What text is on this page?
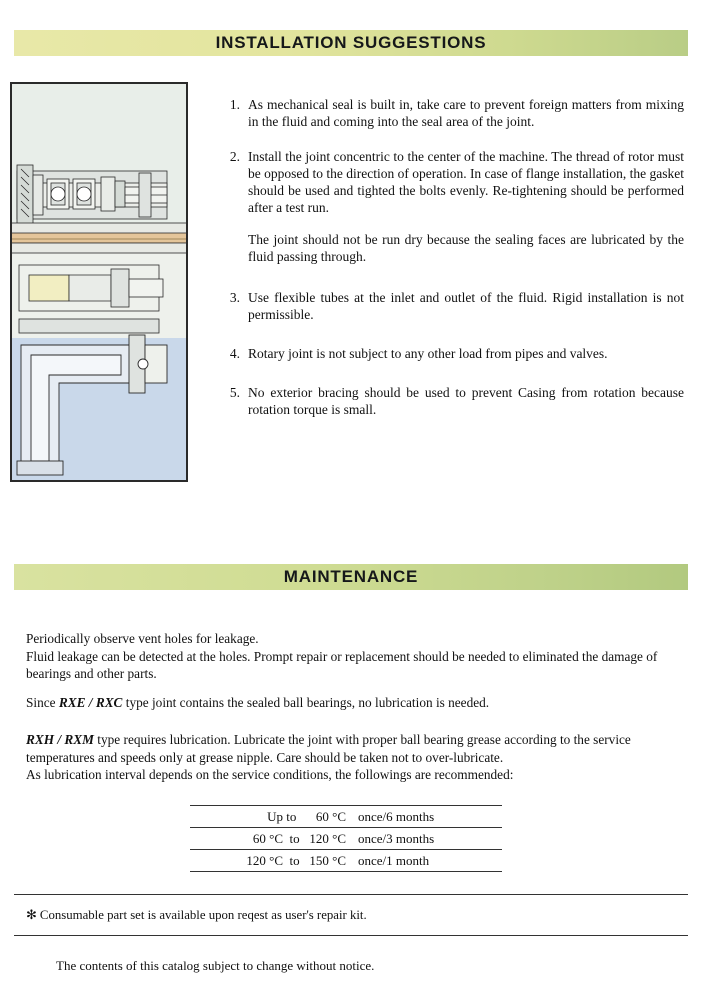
INSTALLATION SUGGESTIONS
1. As mechanical seal is built in, take care to prevent foreign matters from mixing in the fluid and coming into the seal area of the joint.

2. Install the joint concentric to the center of the machine. The thread of rotor must be opposed to the direction of operation. In case of flange installation, the gasket should be used and tighted the bolts evenly. Re-tightening should be performed after a test run.

The joint should not be run dry because the sealing faces are lubricated by the fluid passing through.

3. Use flexible tubes at the inlet and outlet of the fluid. Rigid installation is not permissible.

4. Rotary joint is not subject to any other load from pipes and valves.

5. No exterior bracing should be used to prevent Casing from rotation because rotation torque is small.

MAINTENANCE

Periodically observe vent holes for leakage.

Fluid leakage can be detected at the holes. Prompt repair or replacement should be needed to eliminated the damage of bearings and other parts.

Since RXE / RXC type joint contains the sealed ball bearings, no lubrication is needed.

RXH / RXM type requires lubrication. Lubricate the joint with proper ball bearing grease according to the service temperatures and speeds only at grease nipple. Care should be taken not to over-lubricate.

As lubrication interval depends on the service conditions, the followings are recommended:

Up to      60 °C	once/6 months
60 °C  to   120 °C	once/3 months
120 °C  to   150 °C	once/1 month
✻ Consumable part set is available upon reqest as user's repair kit.
The contents of this catalog subject to change without notice.
